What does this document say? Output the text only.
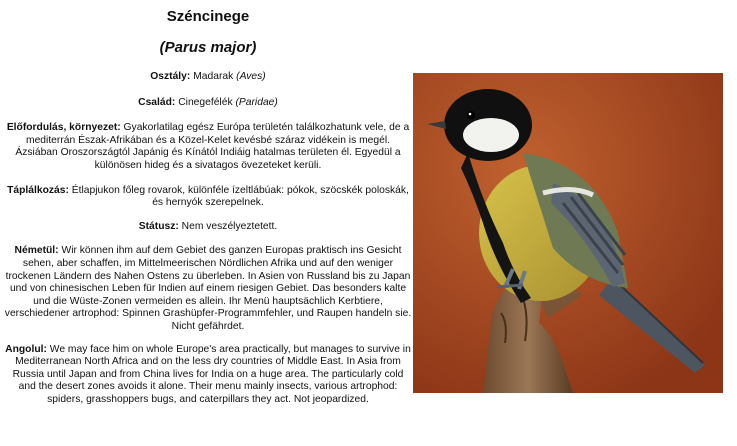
Széncinege
(Parus major)

Osztály: Madarak (Aves)

Család: Cinegefélék (Paridae)

Előfordulás, környezet: Gyakorlatilag egész Európa területén találkozhatunk vele, de a mediterrán Észak-Afrikában és a Közel-Kelet kevésbé száraz vidékein is megél. Ázsiában Oroszországtól Japánig és Kínától Indiáig hatalmas területen él. Egyedül a különösen hideg és a sivatagos övezeteket kerüli.

Táplálkozás: Étlapjukon főleg rovarok, különféle ízeltlábúak: pókok, szöcskék poloskák, és hernyók szerepelnek.

Státusz: Nem veszélyeztetett.

Németül: Wir können ihm auf dem Gebiet des ganzen Europas praktisch ins Gesicht sehen, aber schaffen, im Mittelmeerischen Nördlichen Afrika und auf den weniger trockenen Ländern des Nahen Ostens zu überleben. In Asien von Russland bis zu Japan und von chinesischen Leben für Indien auf einem riesigen Gebiet. Das besonders kalte und die Wüste-Zonen vermeiden es allein. Ihr Menü hauptsächlich Kerbtiere, verschiedener artrophod: Spinnen Grashüpfer-Programmfehler, und Raupen handeln sie. Nicht gefährdet.

Angolul: We may face him on whole Europe's area practically, but manages to survive in Mediterranean North Africa and on the less dry countries of Middle East. In Asia from Russia until Japan and from China lives for India on a huge area. The particularly cold and the desert zones avoids it alone. Their menu mainly insects, various artrophod: spiders, grasshoppers bugs, and caterpillars they act. Not jeopardized.
